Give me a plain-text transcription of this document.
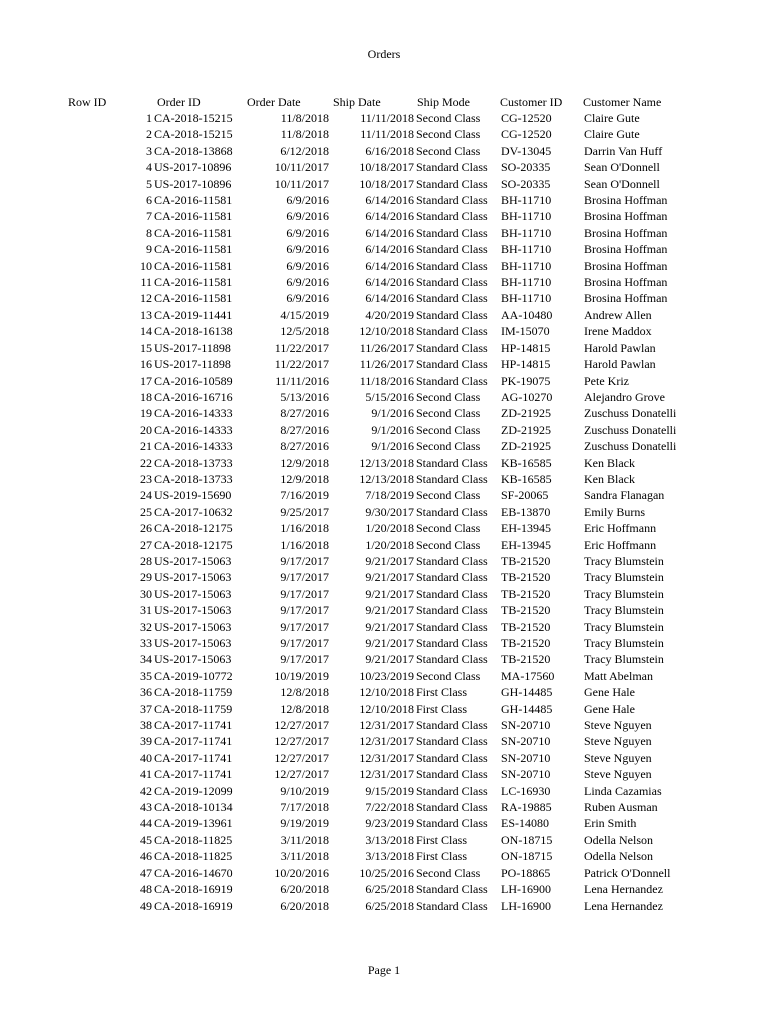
Orders
Row ID	Order ID	Order Date	Ship Date	Ship Mode	Customer ID	Customer Name
1	CA-2018-15215	11/8/2018	11/11/2018	Second Class	CG-12520	Claire Gute
2	CA-2018-15215	11/8/2018	11/11/2018	Second Class	CG-12520	Claire Gute
3	CA-2018-13868	6/12/2018	6/16/2018	Second Class	DV-13045	Darrin Van Huff
4	US-2017-10896	10/11/2017	10/18/2017	Standard Class	SO-20335	Sean O'Donnell
5	US-2017-10896	10/11/2017	10/18/2017	Standard Class	SO-20335	Sean O'Donnell
6	CA-2016-11581	6/9/2016	6/14/2016	Standard Class	BH-11710	Brosina Hoffman
7	CA-2016-11581	6/9/2016	6/14/2016	Standard Class	BH-11710	Brosina Hoffman
8	CA-2016-11581	6/9/2016	6/14/2016	Standard Class	BH-11710	Brosina Hoffman
9	CA-2016-11581	6/9/2016	6/14/2016	Standard Class	BH-11710	Brosina Hoffman
10	CA-2016-11581	6/9/2016	6/14/2016	Standard Class	BH-11710	Brosina Hoffman
11	CA-2016-11581	6/9/2016	6/14/2016	Standard Class	BH-11710	Brosina Hoffman
12	CA-2016-11581	6/9/2016	6/14/2016	Standard Class	BH-11710	Brosina Hoffman
13	CA-2019-11441	4/15/2019	4/20/2019	Standard Class	AA-10480	Andrew Allen
14	CA-2018-16138	12/5/2018	12/10/2018	Standard Class	IM-15070	Irene Maddox
15	US-2017-11898	11/22/2017	11/26/2017	Standard Class	HP-14815	Harold Pawlan
16	US-2017-11898	11/22/2017	11/26/2017	Standard Class	HP-14815	Harold Pawlan
17	CA-2016-10589	11/11/2016	11/18/2016	Standard Class	PK-19075	Pete Kriz
18	CA-2016-16716	5/13/2016	5/15/2016	Second Class	AG-10270	Alejandro Grove
19	CA-2016-14333	8/27/2016	9/1/2016	Second Class	ZD-21925	Zuschuss Donatelli
20	CA-2016-14333	8/27/2016	9/1/2016	Second Class	ZD-21925	Zuschuss Donatelli
21	CA-2016-14333	8/27/2016	9/1/2016	Second Class	ZD-21925	Zuschuss Donatelli
22	CA-2018-13733	12/9/2018	12/13/2018	Standard Class	KB-16585	Ken Black
23	CA-2018-13733	12/9/2018	12/13/2018	Standard Class	KB-16585	Ken Black
24	US-2019-15690	7/16/2019	7/18/2019	Second Class	SF-20065	Sandra Flanagan
25	CA-2017-10632	9/25/2017	9/30/2017	Standard Class	EB-13870	Emily Burns
26	CA-2018-12175	1/16/2018	1/20/2018	Second Class	EH-13945	Eric Hoffmann
27	CA-2018-12175	1/16/2018	1/20/2018	Second Class	EH-13945	Eric Hoffmann
28	US-2017-15063	9/17/2017	9/21/2017	Standard Class	TB-21520	Tracy Blumstein
29	US-2017-15063	9/17/2017	9/21/2017	Standard Class	TB-21520	Tracy Blumstein
30	US-2017-15063	9/17/2017	9/21/2017	Standard Class	TB-21520	Tracy Blumstein
31	US-2017-15063	9/17/2017	9/21/2017	Standard Class	TB-21520	Tracy Blumstein
32	US-2017-15063	9/17/2017	9/21/2017	Standard Class	TB-21520	Tracy Blumstein
33	US-2017-15063	9/17/2017	9/21/2017	Standard Class	TB-21520	Tracy Blumstein
34	US-2017-15063	9/17/2017	9/21/2017	Standard Class	TB-21520	Tracy Blumstein
35	CA-2019-10772	10/19/2019	10/23/2019	Second Class	MA-17560	Matt Abelman
36	CA-2018-11759	12/8/2018	12/10/2018	First Class	GH-14485	Gene Hale
37	CA-2018-11759	12/8/2018	12/10/2018	First Class	GH-14485	Gene Hale
38	CA-2017-11741	12/27/2017	12/31/2017	Standard Class	SN-20710	Steve Nguyen
39	CA-2017-11741	12/27/2017	12/31/2017	Standard Class	SN-20710	Steve Nguyen
40	CA-2017-11741	12/27/2017	12/31/2017	Standard Class	SN-20710	Steve Nguyen
41	CA-2017-11741	12/27/2017	12/31/2017	Standard Class	SN-20710	Steve Nguyen
42	CA-2019-12099	9/10/2019	9/15/2019	Standard Class	LC-16930	Linda Cazamias
43	CA-2018-10134	7/17/2018	7/22/2018	Standard Class	RA-19885	Ruben Ausman
44	CA-2019-13961	9/19/2019	9/23/2019	Standard Class	ES-14080	Erin Smith
45	CA-2018-11825	3/11/2018	3/13/2018	First Class	ON-18715	Odella Nelson
46	CA-2018-11825	3/11/2018	3/13/2018	First Class	ON-18715	Odella Nelson
47	CA-2016-14670	10/20/2016	10/25/2016	Second Class	PO-18865	Patrick O'Donnell
48	CA-2018-16919	6/20/2018	6/25/2018	Standard Class	LH-16900	Lena Hernandez
49	CA-2018-16919	6/20/2018	6/25/2018	Standard Class	LH-16900	Lena Hernandez
Page 1
